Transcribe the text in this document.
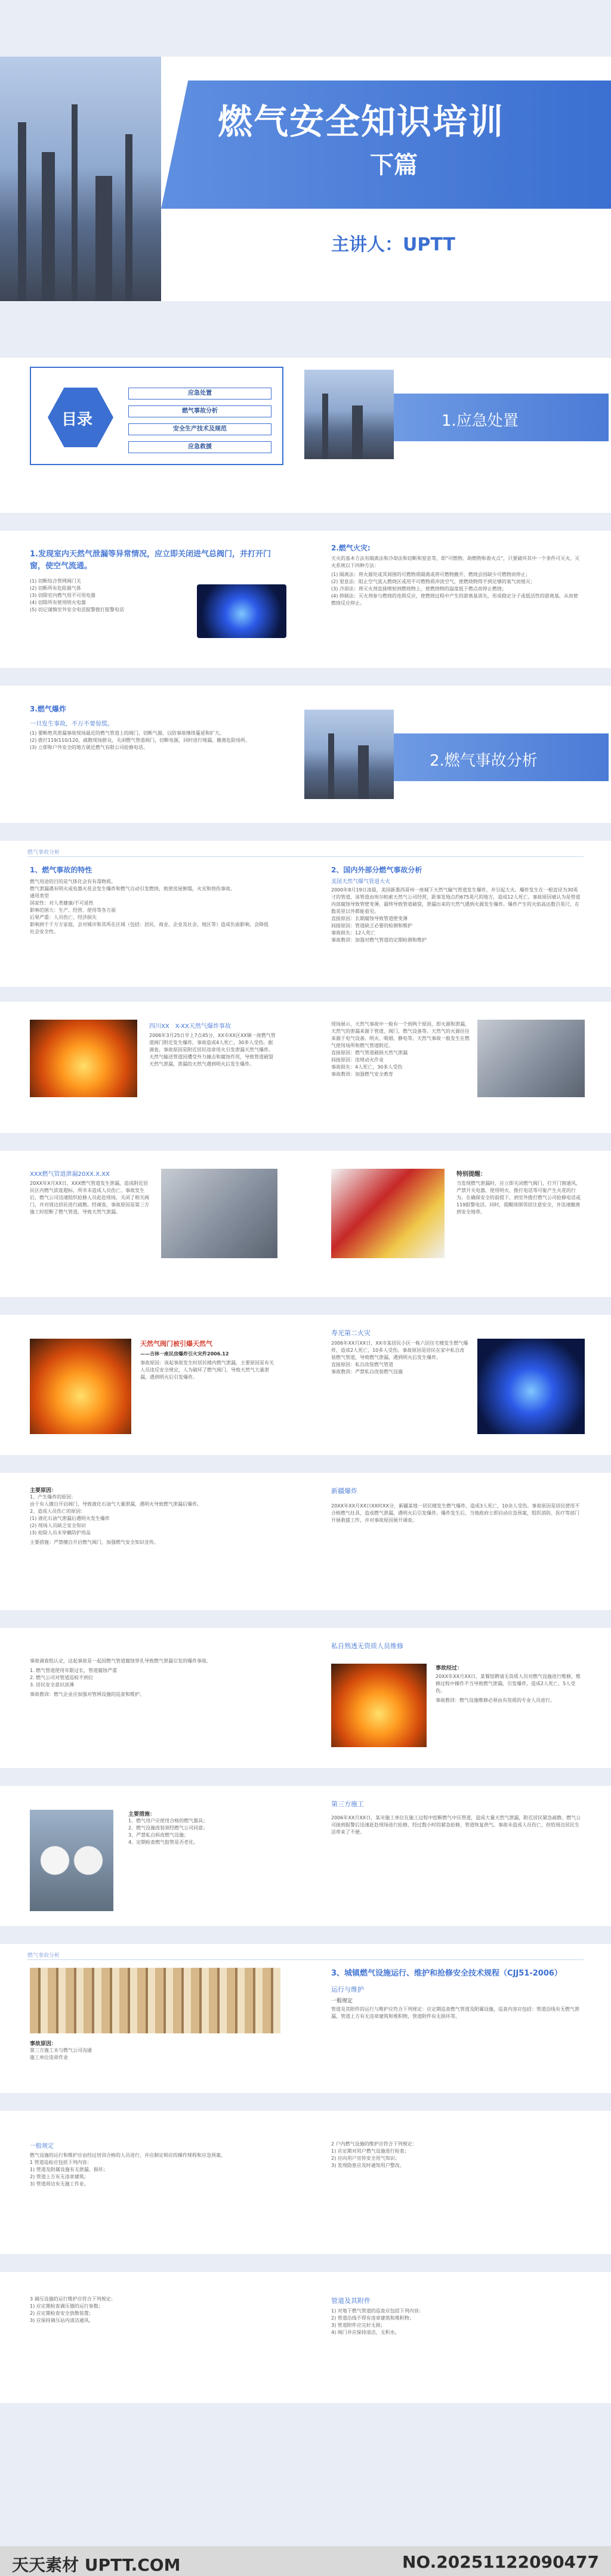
燃气安全知识培训
下篇
主讲人：UPTT
目录
应急处置
燃气事故分析
安全生产技术及规范
应急救援
1.应急处置
1.发现室内天然气泄漏等异常情况，应立即关闭进气总阀门，并打开门窗，使空气流通。
(1) 切断综合管网阀门关
(2) 切断所有危险源气体
(3) 切除室内燃气用不可用电器
(4) 切除所有使用明火电器
(5) 切记谨慎室外安全电话报警拨打报警电话
2.燃气火灾:
天火的基本方法有隔离法和冷却法和切断和窒息等，即“可燃物、助燃物和着火点”，只要破坏其中一个条件可灭火。灭火系统以下四种方法：
(1) 隔离法：将火源处或其周围的可燃物质隔离或将可燃物撤开，燃烧会因缺少可燃物而停止；
(2) 窒息法：阻止空气流入燃烧区或用不可燃物质冲淡空气，使燃烧物得不到足够的氧气而熄灭；
(3) 冷却法：将灭火剂直接喷射到燃烧物上，使燃烧物的温度低于燃点而停止燃烧；
(4) 抑制法：灭火剂参与燃烧的连锁反应，使燃烧过程中产生的游离基消失，形成稳定分子或低活性的游离基，从而使燃烧反应停止。
3.燃气爆炸
一旦发生事故，不万不要惊慌。
(1) 要断绝其泄漏事故现场最近的燃气管道上的阀门，切断气源，以防事故继续蔓延和扩大。
(2) 拨打119/110/120，疏散现场群众，关闭燃气管道阀门，切断电源，同时进行堵漏，撤离危险场所。
(3) 立即和户外安全的地方就近燃气有限公司抢修电话。
2.燃气事故分析
燃气事故分析
1、燃气事故的特性
燃气用途的目的是气体化会有有毒物质。
燃气泄漏遇有明火或电器火花会发生爆炸和燃气自动引发燃烧，致使房屋倒塌，火灾和烧伤事故。
通用类型
国家性：对人类健康/不可延性
影响范围大：生产、经营、使用等各方面
后果严重：人员伤亡、经济损失
影响到千千万万家庭，会对城市和其所在区域（包括：居民、商业、企业及社会、地区等）造成负面影响，会降低社会安全性。
2、国内外部分燃气事故分析
美国天然气爆气管道大火
2000年8月19日凌晨，美国新墨西哥州一座城下天然气输气管道发生爆炸，并引起大火。爆炸发生在一根直径为30英寸的管道，该管道由埃尔帕索天然气公司经营，距事发地点约675英尺的地方，造成12人死亡。事故原因被认为是管道内部腐蚀导致管壁变薄，最终导致管道破裂，泄漏出来的天然气遇到火源发生爆炸。爆炸产生的火焰高达数百英尺，在数英里以外都能看见。
直接原因：长期腐蚀导致管道壁变薄
间接原因：管道缺乏必要的检测和维护
事故损失：12人死亡
事故教训：加强对燃气管道的定期检测和维护
四川XX　X-XX天然气爆炸事故
2006年3月25日早上7点45分，XX市XX区XX镇一座燃气管道阀门附近发生爆炸，事故造成4人死亡，30多人受伤。据调查，事故原因是附近居民违章用火引发泄漏天然气爆炸。天然气输送管道因遭受外力撞击和腐蚀作用，导致管道破裂天然气泄漏，泄漏的天然气遇到明火后发生爆炸。
现场展示，天然气事故中一般有一个到两个原因，即火源和泄漏，天然气的泄漏来源于管道、阀门、燃气设备等。天然气的火源往往来源于电气设备、明火、吸烟、静电等。天然气事故一般发生在燃气使用场所和燃气管道附近。
直接原因：燃气管道破损天然气泄漏
间接原因：违规动火作业
事故损失：4人死亡，30多人受伤
事故教训：加强燃气安全教育
XXX燃气管道泄漏20XX.X.XX
20XX年X月XX日，XXX燃气管道发生泄漏，造成附近居民区内燃气浓度超标，所幸未造成人员伤亡。事故发生后，燃气公司迅速组织抢修人员赶赴现场，关闭了相关阀门，并对周边居民进行疏散。经调查，事故原因是第三方施工时挖断了燃气管道，导致天然气泄漏。
特别提醒：
当发现燃气泄漏时，应立即关闭燃气阀门，打开门窗通风，严禁开关电器、使用明火、拨打电话等可能产生火花的行为。在确保安全的前提下，到室外拨打燃气公司抢修电话或119报警电话。同时，提醒周围邻居注意安全，并迅速撤离到安全地带。
天然气阀门被引爆天然气
——吉林一座民房爆炸引火灾件2006.12
事故原因：该起事故发生时居民楼内燃气泄漏，主要原因是有关人员违反安全规定，人为破坏了燃气阀门，导致天然气大量泄漏，遇到明火后引发爆炸。
寿光第二火灾
2006年XX月XX日，XX市某居民小区一栋六层住宅楼发生燃气爆炸，造成2人死亡，10多人受伤。事故原因是居民在家中私自改装燃气管道，导致燃气泄漏，遇到明火后发生爆炸。
直接原因：私自改装燃气管道
事故教训：严禁私自改装燃气设施
主要原因：
1、产生爆炸的原因：
由于有人擅自开启阀门，导致液化石油气大量泄漏，遇明火导致燃气泄漏后爆炸。
2、造成人员伤亡的原因：
(1) 液化石油气泄漏后遇明火发生爆炸
(2) 现场人员缺乏安全知识
(3) 抢险人员未穿戴防护用品
主要措施：严禁擅自开启燃气阀门，加强燃气安全知识宣传。
新疆爆炸
20XX年XX月XX日XX时XX分，新疆某地一居民楼发生燃气爆炸，造成3人死亡，10余人受伤。事故原因是居民使用不合格燃气灶具，造成燃气泄漏，遇明火后引发爆炸。爆炸发生后，当地政府立即启动应急预案，组织消防、医疗等部门开展救援工作，并对事故原因展开调查。
事故调查组认定，这起事故是一起因燃气管道腐蚀穿孔导致燃气泄漏引发的爆炸事故。
1. 燃气管道使用年限过长，管道腐蚀严重
2. 燃气公司对管道巡检不到位
3. 居民安全意识淡薄
事故教训：燃气企业应加强对管网设施的巡查和维护。
私自熟透无资质人员维修
事故经过：
20XX年XX月XX日，某餐馆聘请无资质人员对燃气设施进行维修，维修过程中操作不当导致燃气泄漏，引发爆炸，造成2人死亡，5人受伤。
事故教训：燃气设施维修必须由有资质的专业人员进行。
主要措施：
1、燃气用户应使用合格的燃气器具；
2、燃气设施改装须经燃气公司同意；
3、严禁私自拆改燃气设施；
4、定期检查燃气胶管是否老化。
第三方施工
2006年XX月XX日，某市施工单位在施工过程中挖断燃气中压管道，造成大量天然气泄漏，附近居民紧急疏散。燃气公司接到报警后迅速赶赴现场进行抢修，经过数小时的紧急抢修，管道恢复供气。事故未造成人员伤亡，但给周边居民生活带来了不便。
燃气事故分析
事故原因：
第三方施工未与燃气公司沟通
施工单位违章作业
3、城镇燃气设施运行、维护和抢修安全技术规程（CJJ51-2006）
运行与维护
一般规定
管道及其附件的运行与维护应符合下列规定：应定期巡查燃气管道及附属设施，巡查内容应包括：管道沿线有无燃气泄漏，管道上方有无违章建筑和堆积物，管道附件有无损坏等。
一般规定
燃气设施的运行和维护应由经过培训合格的人员进行，并应制定相应的操作规程和应急预案。
1 管道巡检应包括下列内容：
1) 管道及附属设施有无泄漏、损坏；
2) 管道上方有无违章建筑；
3) 管道周边有无施工作业。
2 户内燃气设施的维护应符合下列规定：
1) 应定期对用户燃气设施进行检查；
2) 应向用户宣传安全用气知识；
3) 发现隐患应及时通知用户整改。
3 调压设施的运行维护应符合下列规定：
1) 应定期检查调压器的运行参数；
2) 应定期检查安全放散装置；
3) 应保持调压站内清洁通风。
管道及其附件
1) 对地下燃气管道的巡查应包括下列内容：
2) 管道沿线不得有违章建筑和堆积物；
3) 管道附件应完好无损；
4) 阀门井应保持清洁，无积水。
天天素材 UPTT.COM	NO.20251122090477
